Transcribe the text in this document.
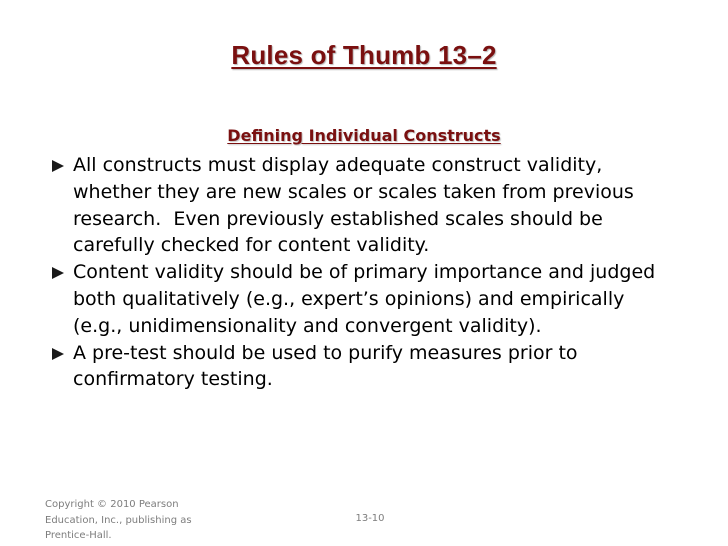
Rules of Thumb 13–2
Defining Individual Constructs
All constructs must display adequate construct validity, whether they are new scales or scales taken from previous research.  Even previously established scales should be carefully checked for content validity.
Content validity should be of primary importance and judged both qualitatively (e.g., expert’s opinions) and empirically (e.g., unidimensionality and convergent validity).
A pre-test should be used to purify measures prior to confirmatory testing.
Copyright © 2010 Pearson Education, Inc., publishing as Prentice-Hall.
13-10
